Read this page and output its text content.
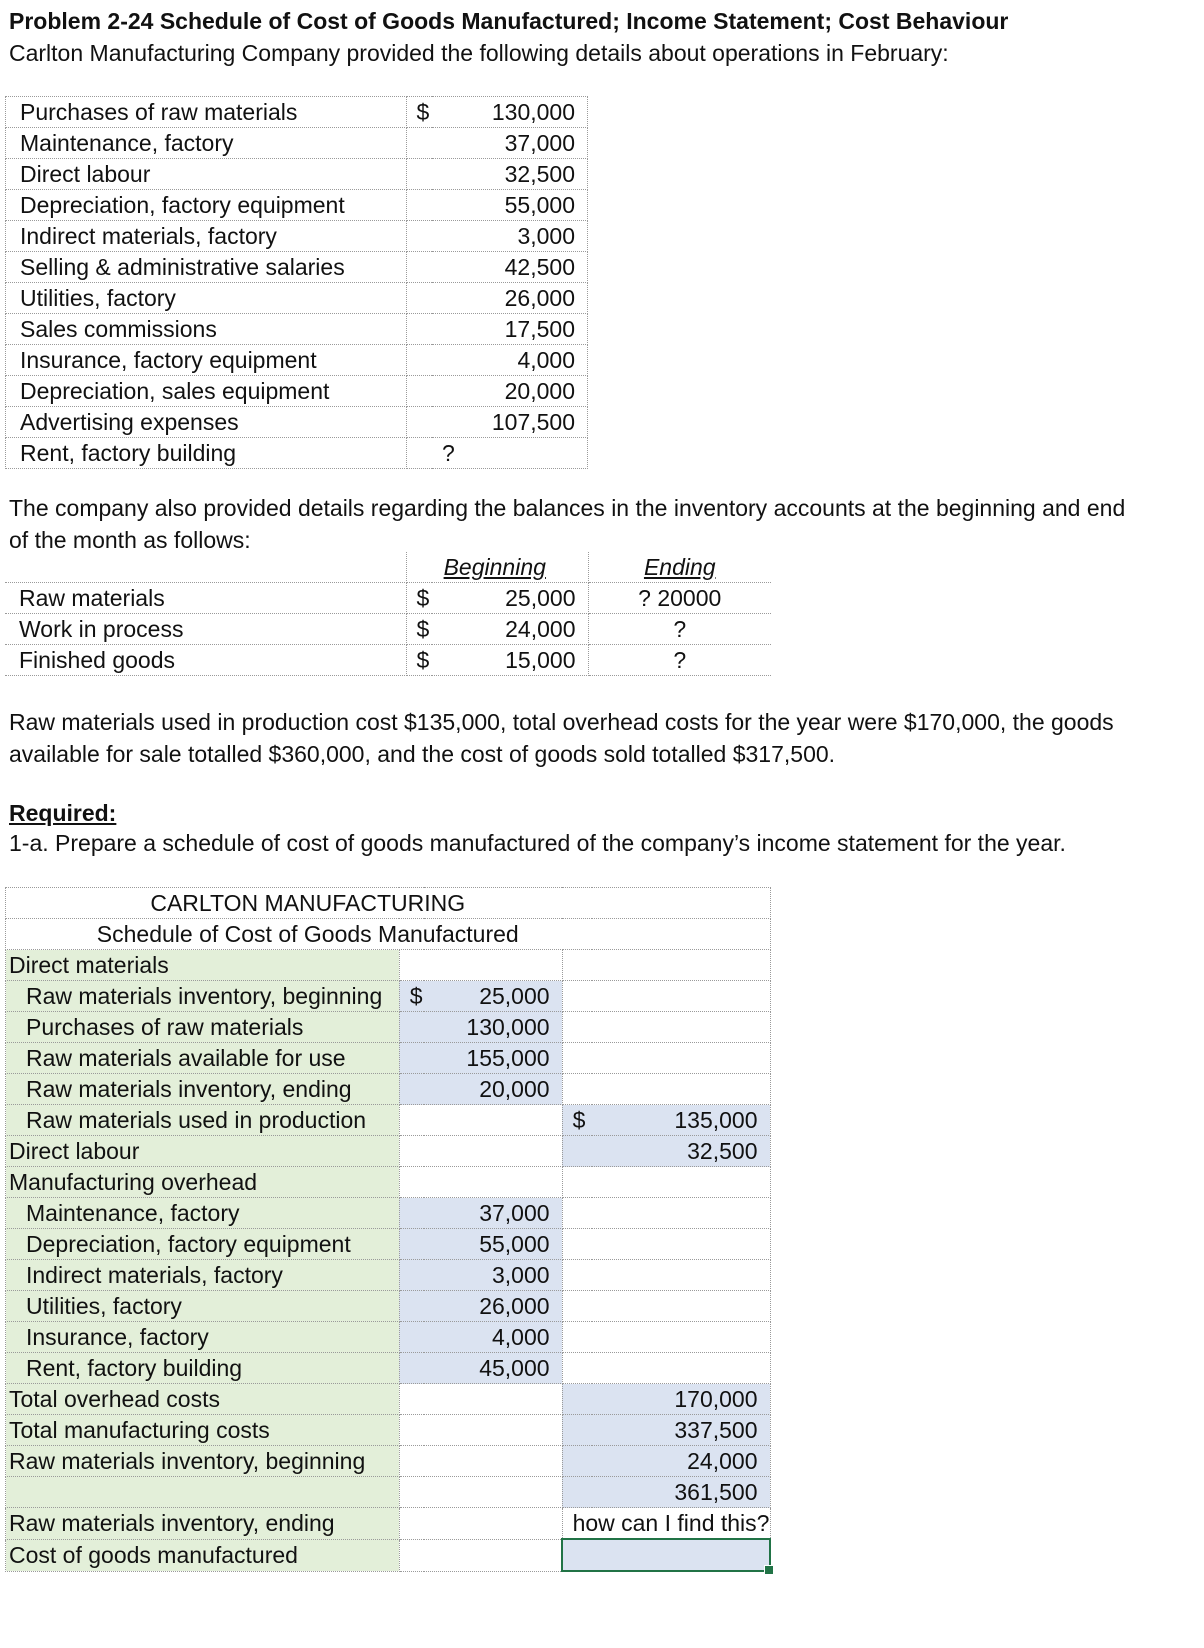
Problem 2-24 Schedule of Cost of Goods Manufactured; Income Statement; Cost Behaviour
Carlton Manufacturing Company provided the following details about operations in February:
Purchases of raw materials	$	130,000
Maintenance, factory		37,000
Direct labour		32,500
Depreciation, factory equipment		55,000
Indirect materials, factory		3,000
Selling & administrative salaries		42,500
Utilities, factory		26,000
Sales commissions		17,500
Insurance, factory equipment		4,000
Depreciation, sales equipment		20,000
Advertising expenses		107,500
Rent, factory building		?
The company also provided details regarding the balances in the inventory accounts at the beginning and end
of the month as follows:
		Beginning	Ending
Raw materials	$	25,000	? 20000
Work in process	$	24,000	?
Finished goods	$	15,000	?
Raw materials used in production cost $135,000, total overhead costs for the year were $170,000, the goods
available for sale totalled $360,000, and the cost of goods sold totalled $317,500.
Required:
1-a. Prepare a schedule of cost of goods manufactured of the company’s income statement for the year.
CARLTON MANUFACTURING				
Schedule of Cost of Goods Manufactured				
Direct materials				
Raw materials inventory, beginning	$	25,000		
Purchases of raw materials		130,000		
Raw materials available for use		155,000		
Raw materials inventory, ending		20,000		
Raw materials used in production			$	135,000
Direct labour				32,500
Manufacturing overhead				
Maintenance, factory		37,000		
Depreciation, factory equipment		55,000		
Indirect materials, factory		3,000		
Utilities, factory		26,000		
Insurance, factory		4,000		
Rent, factory building		45,000		
Total overhead costs				170,000
Total manufacturing costs				337,500
Raw materials inventory, beginning				24,000
				361,500
Raw materials inventory, ending			how can I find this?	
Cost of goods manufactured				
